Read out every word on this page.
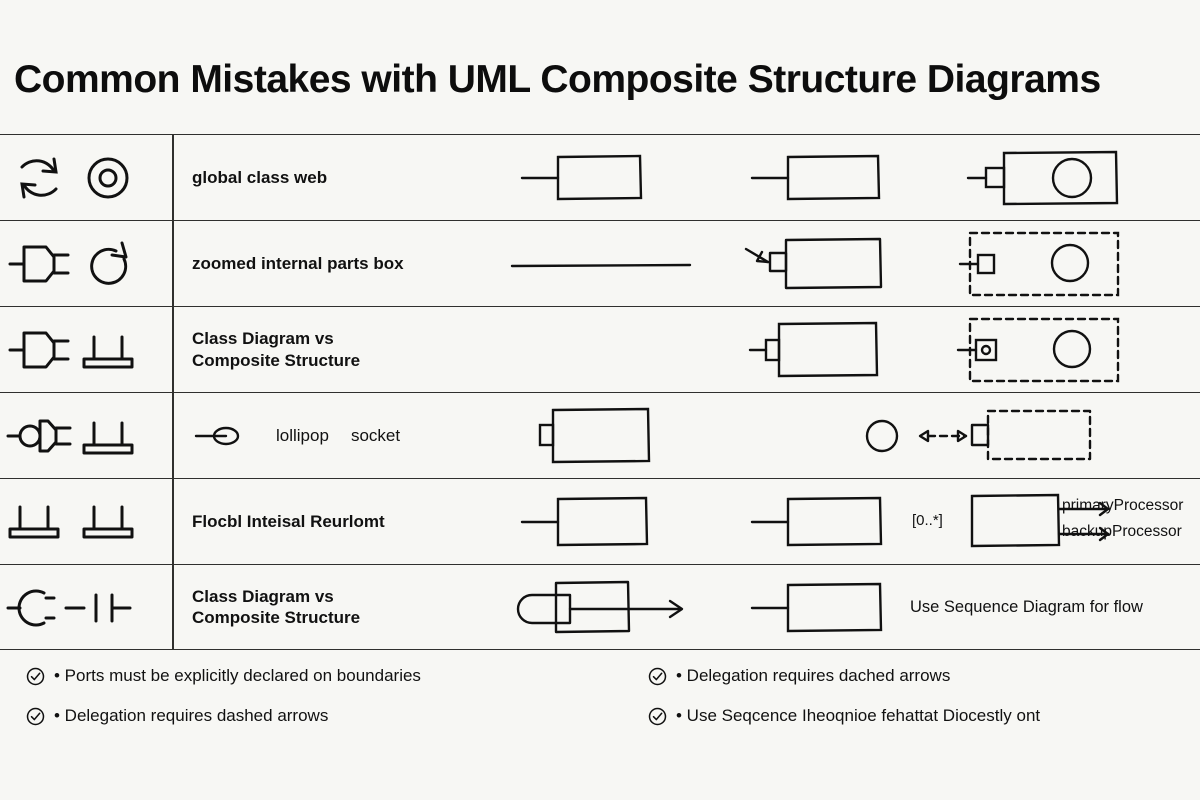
Common Mistakes with UML Composite Structure Diagrams
global class web
zoomed internal parts box
Class Diagram vs
Composite Structure
lollipop socket
Flocbl Inteisal Reurlomt	[0..*]
primaryProcessor
backupProcessor
Class Diagram vs
Composite Structure
Use Sequence Diagram for flow
• Ports must be explicitly declared on boundaries
• Delegation requires dashed arrows
• Delegation requires dached arrows
• Use Seqcence Iheoqnioe fehattat Diocestly ont
